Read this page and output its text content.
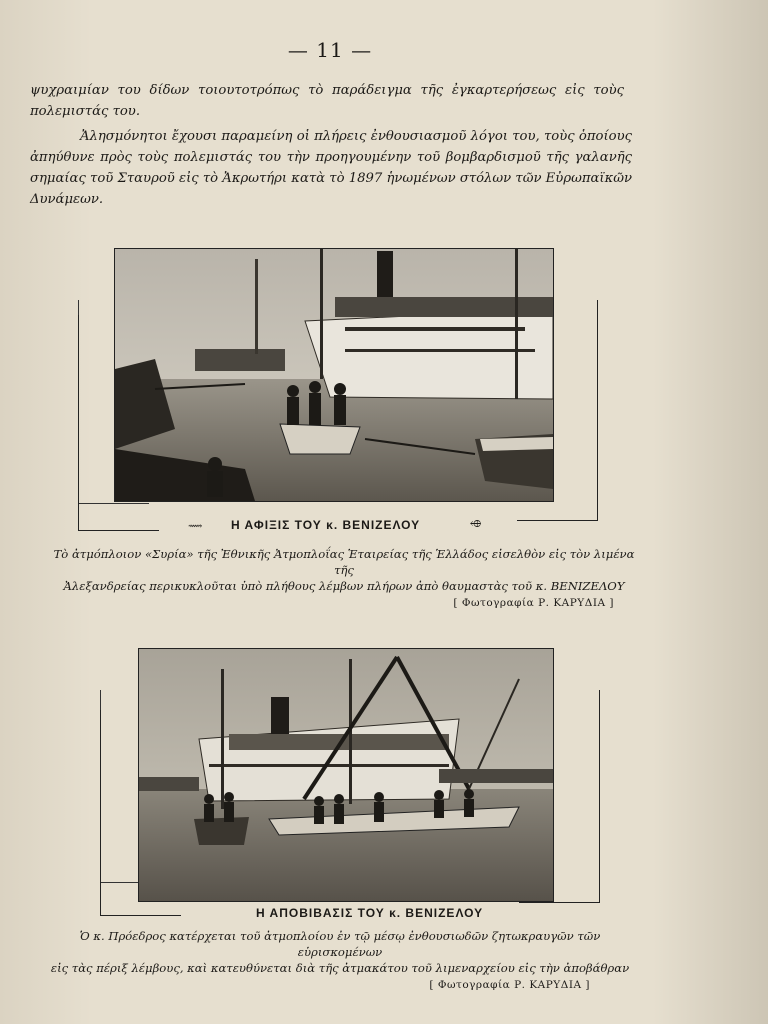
— 11 —

ψυχραιμίαν του δίδων τοιουτοτρόπως τὸ παράδειγμα τῆς ἐγκαρτερήσεως εἰς τοὺς πολεμιστάς του.

Ἀλησμόνητοι ἔχουσι παραμείνη οἱ πλήρεις ἐνθουσιασμοῦ λόγοι του, τοὺς ὁποίους ἀπηύθυνε πρὸς τοὺς πολεμιστάς του τὴν προηγουμένην τοῦ βομβαρδισμοῦ τῆς γαλανῆς σημαίας τοῦ Σταυροῦ εἰς τὸ Ἀκρωτήρι κατὰ τὸ 1897 ἡνωμένων στόλων τῶν Εὐρωπαϊκῶν Δυνάμεων.

⟿ Η ΑΦΙΞΙΣ ΤΟΥ κ. ΒΕΝΙΖΕΛΟΥ	⬲
Τὸ ἀτμόπλοιον «Συρία» τῆς Ἐθνικῆς Ἀτμοπλοΐας Ἑταιρείας τῆς Ἑλλάδος εἰσελθὸν εἰς τὸν λιμένα τῆς
Ἀλεξανδρείας περικυκλοῦται ὑπὸ πλήθους λέμβων πλήρων ἀπὸ θαυμαστὰς τοῦ κ. ΒΕΝΙΖΕΛΟΥ
[ Φωτογραφία Ρ. ΚΑΡΥΔΙΑ ]
Η ΑΠΟΒΙΒΑΣΙΣ ΤΟΥ κ. ΒΕΝΙΖΕΛΟΥ
Ὁ κ. Πρόεδρος κατέρχεται τοῦ ἀτμοπλοίου ἐν τῷ μέσῳ ἐνθουσιωδῶν ζητωκραυγῶν τῶν εὑρισκομένων
εἰς τὰς πέριξ λέμβους, καὶ κατευθύνεται διὰ τῆς ἀτμακάτου τοῦ λιμεναρχείου εἰς τὴν ἀποβάθραν
[ Φωτογραφία Ρ. ΚΑΡΥΔΙΑ ]
